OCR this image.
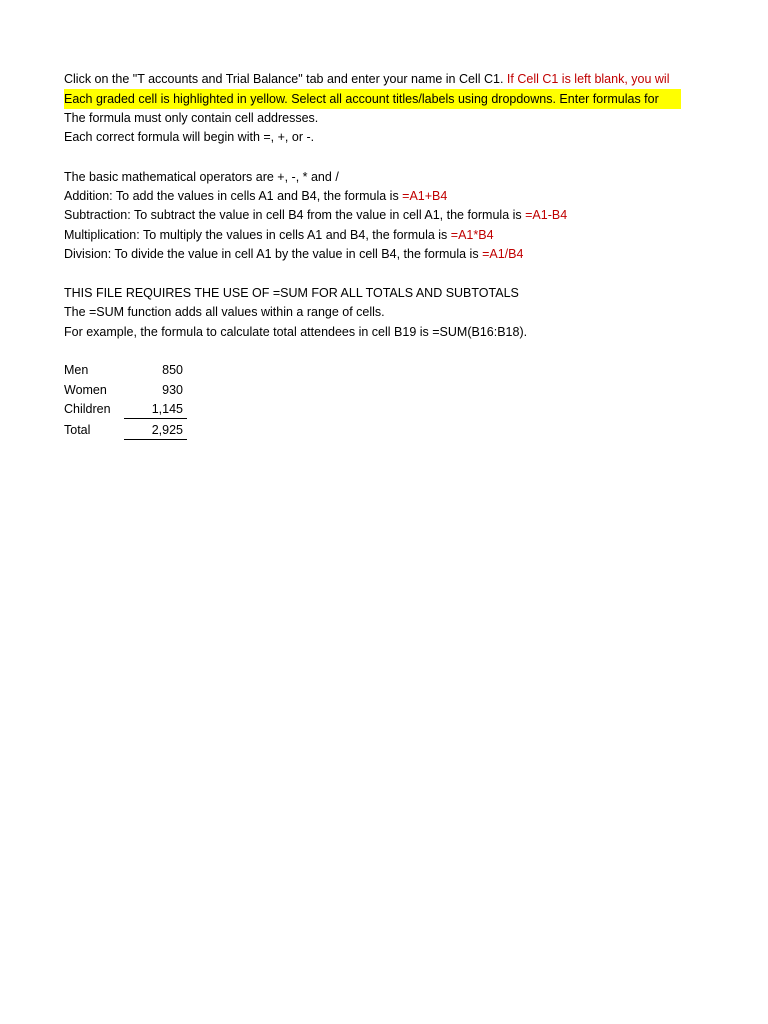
Click on the "T accounts and Trial Balance" tab and enter your name in Cell C1. If Cell C1 is left blank, you wil
Each graded cell is highlighted in yellow. Select all account titles/labels using dropdowns. Enter formulas for
The formula must only contain cell addresses.
Each correct formula will begin with =, +, or -.
The basic mathematical operators are +, -, * and /
Addition: To add the values in cells A1 and B4, the formula is =A1+B4
Subtraction: To subtract the value in cell B4 from the value in cell A1, the formula is =A1-B4
Multiplication: To multiply the values in cells A1 and B4, the formula is =A1*B4
Division: To divide the value in cell A1 by the value in cell B4, the formula is =A1/B4
THIS FILE REQUIRES THE USE OF =SUM FOR ALL TOTALS AND SUBTOTALS
The =SUM function adds all values within a range of cells.
For example, the formula to calculate total attendees in cell B19 is =SUM(B16:B18).
Men	850
Women	930
Children	1,145
Total	2,925
